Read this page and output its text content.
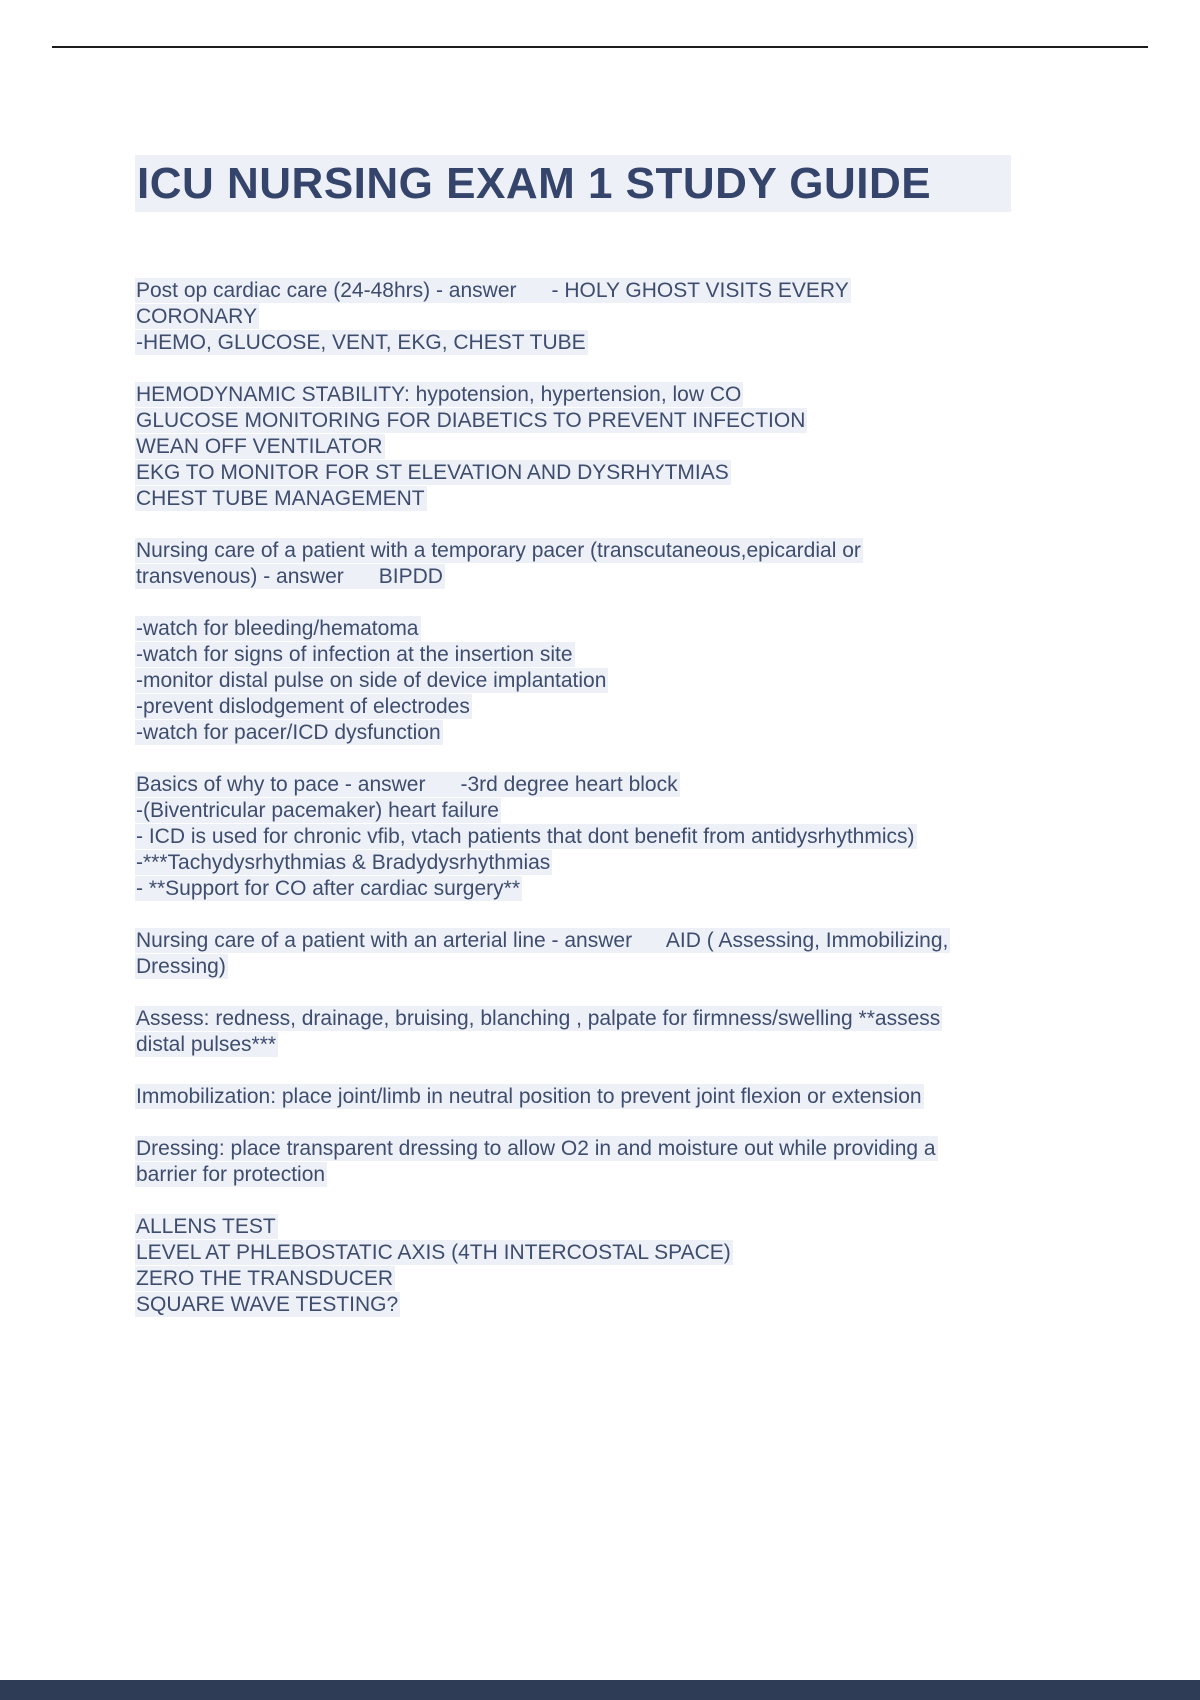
ICU NURSING EXAM 1 STUDY GUIDE
Post op cardiac care (24-48hrs) - answer      - HOLY GHOST VISITS EVERY
CORONARY
-HEMO, GLUCOSE, VENT, EKG, CHEST TUBE
HEMODYNAMIC STABILITY: hypotension, hypertension, low CO
GLUCOSE MONITORING FOR DIABETICS TO PREVENT INFECTION
WEAN OFF VENTILATOR
EKG TO MONITOR FOR ST ELEVATION AND DYSRHYTMIAS
CHEST TUBE MANAGEMENT
Nursing care of a patient with a temporary pacer (transcutaneous,epicardial or
transvenous) - answer      BIPDD
-watch for bleeding/hematoma
-watch for signs of infection at the insertion site
-monitor distal pulse on side of device implantation
-prevent dislodgement of electrodes
-watch for pacer/ICD dysfunction
Basics of why to pace - answer      -3rd degree heart block
-(Biventricular pacemaker) heart failure
- ICD is used for chronic vfib, vtach patients that dont benefit from antidysrhythmics)
-***Tachydysrhythmias & Bradydysrhythmias
- **Support for CO after cardiac surgery**
Nursing care of a patient with an arterial line - answer      AID ( Assessing, Immobilizing,
Dressing)
Assess: redness, drainage, bruising, blanching , palpate for firmness/swelling **assess
distal pulses***
Immobilization: place joint/limb in neutral position to prevent joint flexion or extension
Dressing: place transparent dressing to allow O2 in and moisture out while providing a
barrier for protection
ALLENS TEST
LEVEL AT PHLEBOSTATIC AXIS (4TH INTERCOSTAL SPACE)
ZERO THE TRANSDUCER
SQUARE WAVE TESTING?
